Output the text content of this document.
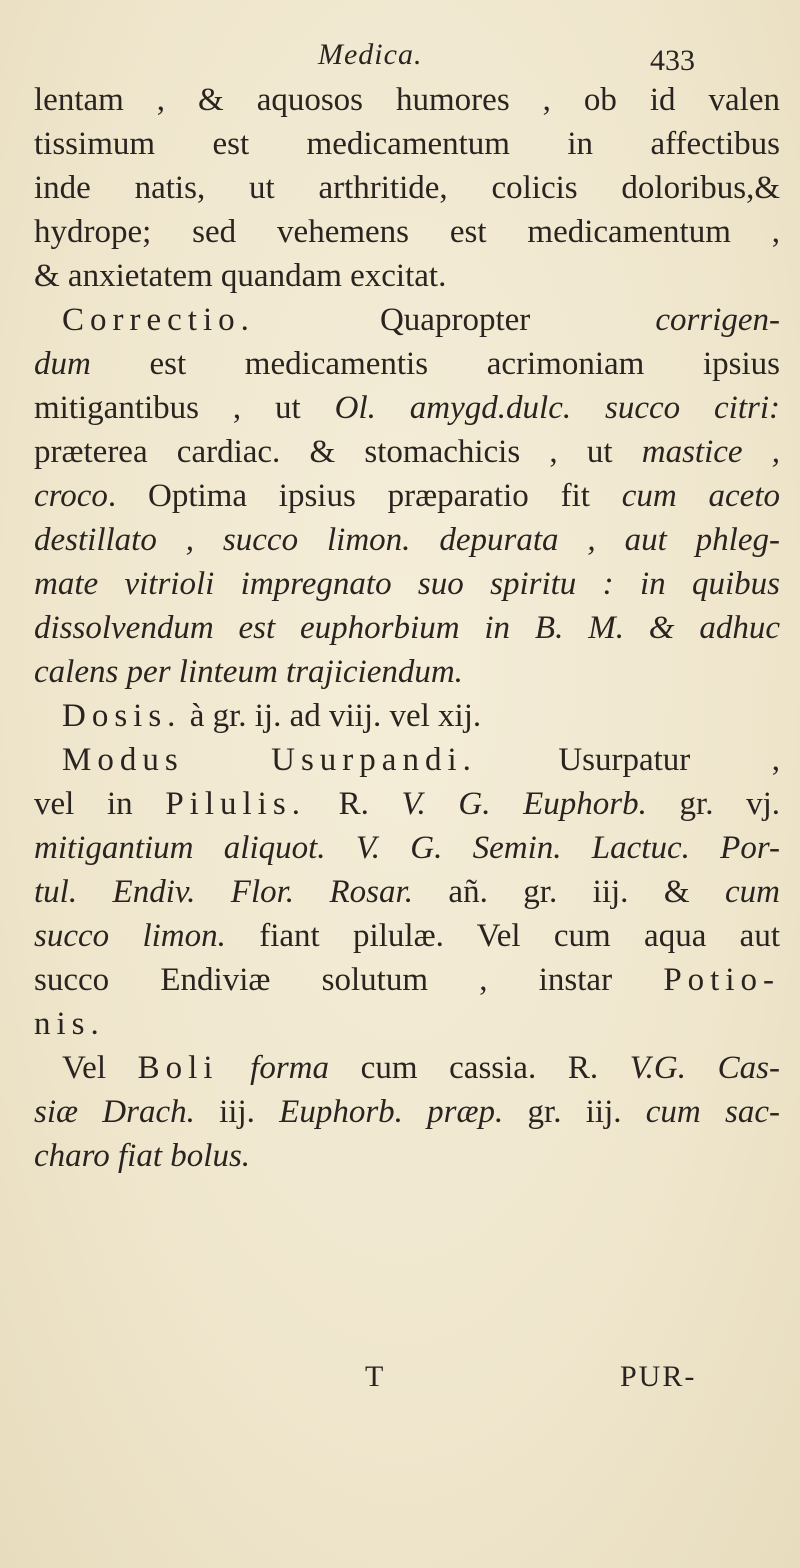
Medica.	433
lentam , & aquosos humores , ob id valen
tissimum est medicamentum in affectibus
inde natis, ut arthritide, colicis doloribus,&
hydrope; sed vehemens est medicamentum ,
& anxietatem quandam excitat.
Correctio. Quapropter corrigen-
dum est medicamentis acrimoniam ipsius
mitigantibus , ut Ol. amygd.dulc. succo citri:
præterea cardiac. & stomachicis , ut mastice ,
croco. Optima ipsius præparatio fit cum aceto
destillato , succo limon. depurata , aut phleg-
mate vitrioli impregnato suo spiritu : in quibus
dissolvendum est euphorbium in B. M. & adhuc
calens per linteum trajiciendum.
Dosis. à gr. ij. ad viij. vel xij.
Modus Usurpandi. Usurpatur ,
vel in Pilulis. R. V. G. Euphorb. gr. vj.
mitigantium aliquot. V. G. Semin. Lactuc. Por-
tul. Endiv. Flor. Rosar. añ. gr. iij. & cum
succo limon. fiant pilulæ. Vel cum aqua aut
succo Endiviæ solutum , instar Potio-
nis.
Vel Boli forma cum cassia. R. V.G. Cas-
siæ Drach. iij. Euphorb. præp. gr. iij. cum sac-
charo fiat bolus.
T	PUR-
